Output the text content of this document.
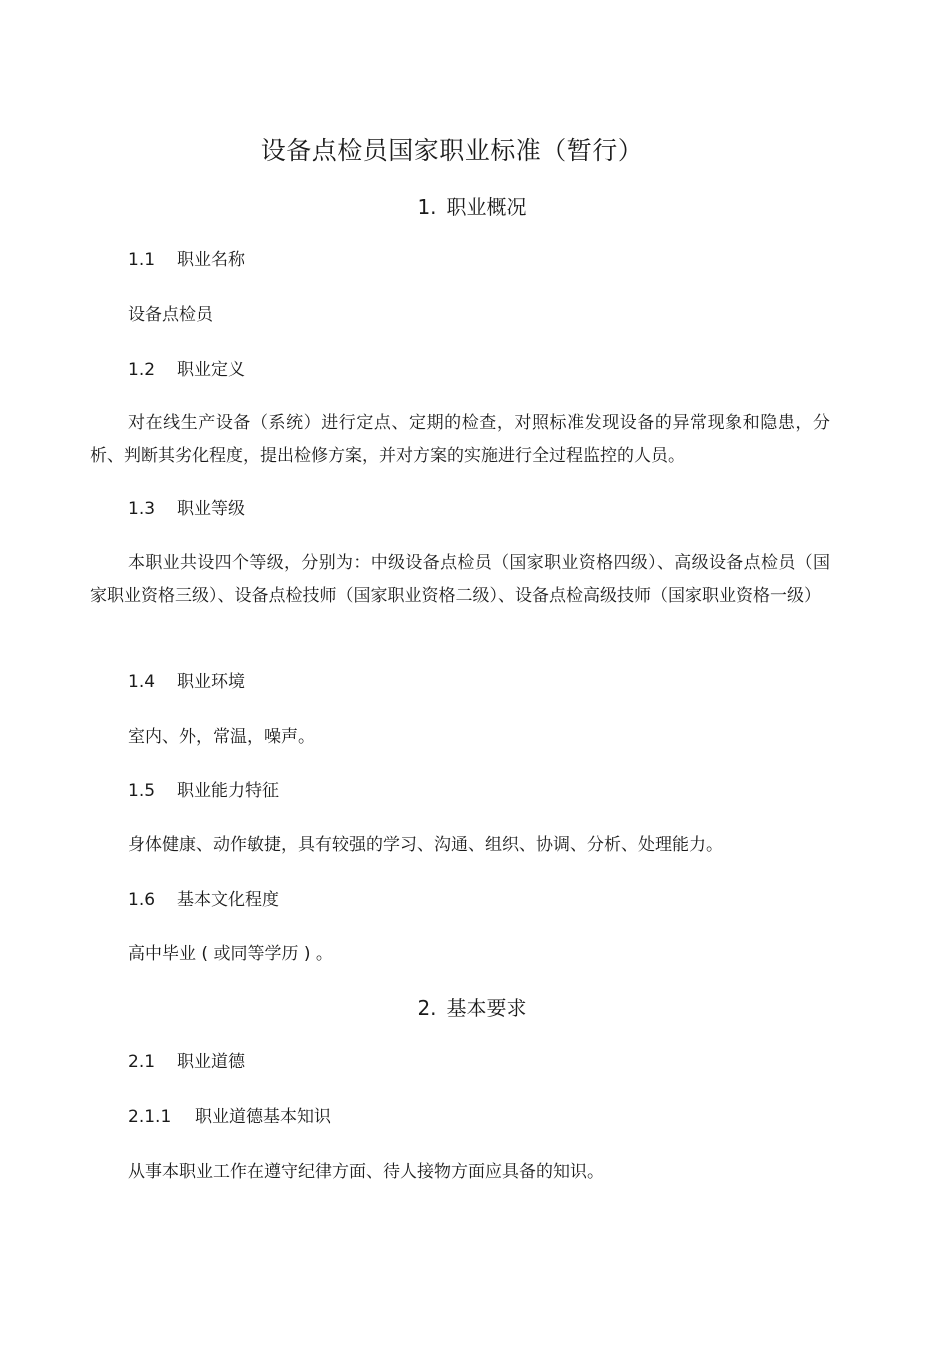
设备点检员国家职业标准（暂行）
1. 职业概况
1.1 职业名称
设备点检员
1.2 职业定义
对在线生产设备（系统）进行定点、定期的检查，对照标准发现设备的异常现象和隐患，分析、判断其劣化程度，提出检修方案，并对方案的实施进行全过程监控的人员。
1.3 职业等级
本职业共设四个等级，分别为：中级设备点检员（国家职业资格四级）、高级设备点检员（国家职业资格三级）、设备点检技师（国家职业资格二级）、设备点检高级技师（国家职业资格一级）
1.4 职业环境
室内、外，常温，噪声。
1.5 职业能力特征
身体健康、动作敏捷，具有较强的学习、沟通、组织、协调、分析、处理能力。
1.6 基本文化程度
高中毕业 ( 或同等学历 ) 。
2. 基本要求
2.1 职业道德
2.1.1 职业道德基本知识
从事本职业工作在遵守纪律方面、待人接物方面应具备的知识。
